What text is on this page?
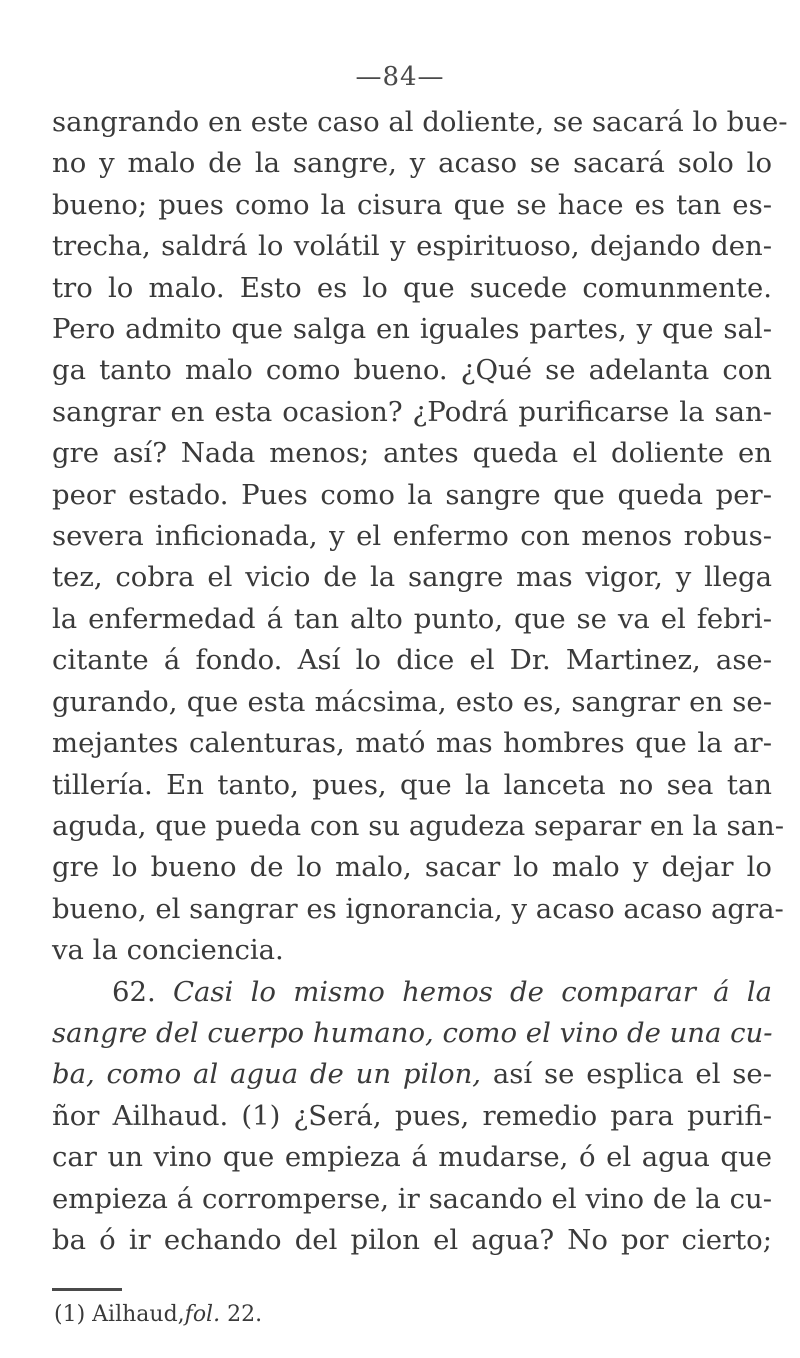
—84—
sangrando en este caso al doliente, se sacará lo bue-
no y malo de la sangre, y acaso se sacará solo lo
bueno; pues como la cisura que se hace es tan es-
trecha, saldrá lo volátil y espirituoso, dejando den-
tro lo malo. Esto es lo que sucede comunmente.
Pero admito que salga en iguales partes, y que sal-
ga tanto malo como bueno. ¿Qué se adelanta con
sangrar en esta ocasion? ¿Podrá purificarse la san-
gre así? Nada menos; antes queda el doliente en
peor estado. Pues como la sangre que queda per-
severa inficionada, y el enfermo con menos robus-
tez, cobra el vicio de la sangre mas vigor, y llega
la enfermedad á tan alto punto, que se va el febri-
citante á fondo. Así lo dice el Dr. Martinez, ase-
gurando, que esta mácsima, esto es, sangrar en se-
mejantes calenturas, mató mas hombres que la ar-
tillería. En tanto, pues, que la lanceta no sea tan
aguda, que pueda con su agudeza separar en la san-
gre lo bueno de lo malo, sacar lo malo y dejar lo
bueno, el sangrar es ignorancia, y acaso acaso agra-
va la conciencia.
62. Casi lo mismo hemos de comparar á la
sangre del cuerpo humano, como el vino de una cu-
ba, como al agua de un pilon, así se esplica el se-
ñor Ailhaud. (1) ¿Será, pues, remedio para purifi-
car un vino que empieza á mudarse, ó el agua que
empieza á corromperse, ir sacando el vino de la cu-
ba ó ir echando del pilon el agua? No por cierto;
(1) Ailhaud,fol. 22.
